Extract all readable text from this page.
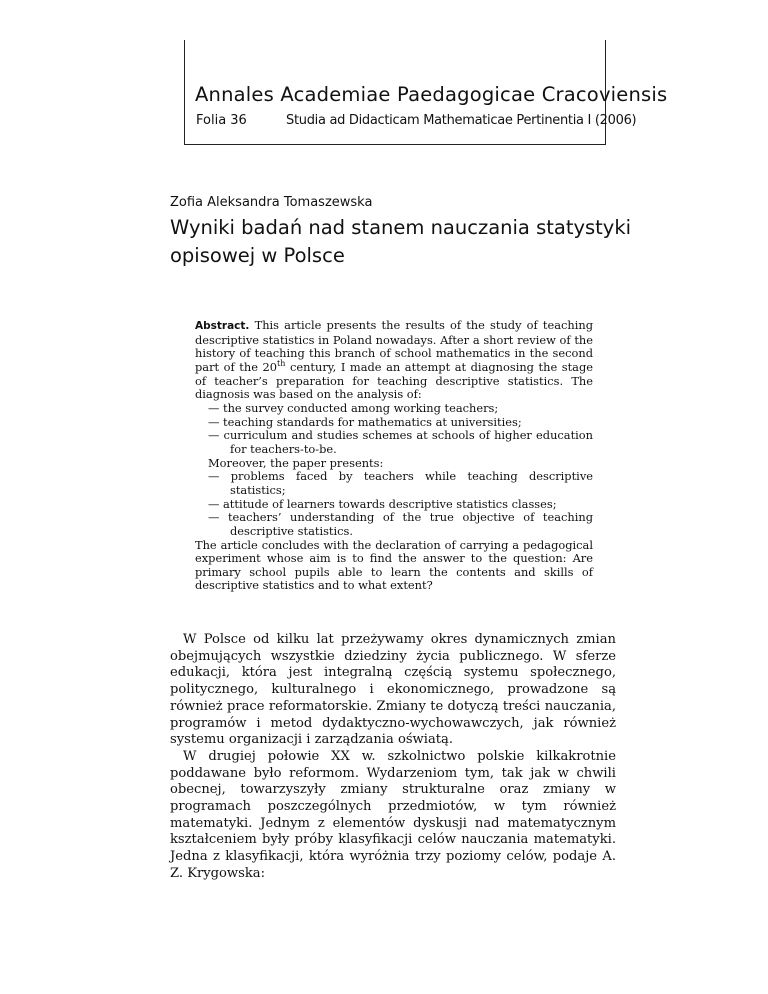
Annales Academiae Paedagogicae Cracoviensis
Folia 36	Studia ad Didacticam Mathematicae Pertinentia I (2006)
Zofia Aleksandra Tomaszewska
Wyniki badań nad stanem nauczania statystyki opisowej w Polsce

Abstract. This article presents the results of the study of teaching descriptive statistics in Poland nowadays. After a short review of the history of teaching this branch of school mathematics in the second part of the 20th century, I made an attempt at diagnosing the stage of teacher’s preparation for teaching descriptive statistics. The diagnosis was based on the analysis of:

— the survey conducted among working teachers;
— teaching standards for mathematics at universities;
— curriculum and studies schemes at schools of higher education for teachers-to-be.

Moreover, the paper presents:

— problems faced by teachers while teaching descriptive statistics;
— attitude of learners towards descriptive statistics classes;
— teachers’ understanding of the true objective of teaching descriptive statistics.

The article concludes with the declaration of carrying a pedagogical experiment whose aim is to find the answer to the question: Are primary school pupils able to learn the contents and skills of descriptive statistics and to what extent?

W Polsce od kilku lat przeżywamy okres dynamicznych zmian obejmujących wszystkie dziedziny życia publicznego. W sferze edukacji, która jest integralną częścią systemu społecznego, politycznego, kulturalnego i ekonomicznego, prowadzone są również prace reformatorskie. Zmiany te dotyczą treści nauczania, programów i metod dydaktyczno-wychowawczych, jak również systemu organizacji i zarządzania oświatą.

W drugiej połowie XX w. szkolnictwo polskie kilkakrotnie poddawane było reformom. Wydarzeniom tym, tak jak w chwili obecnej, towarzyszyły zmiany strukturalne oraz zmiany w programach poszczególnych przedmiotów, w tym również matematyki. Jednym z elementów dyskusji nad matematycznym kształceniem były próby klasyfikacji celów nauczania matematyki. Jedna z klasyfikacji, która wyróżnia trzy poziomy celów, podaje A. Z. Krygowska:
